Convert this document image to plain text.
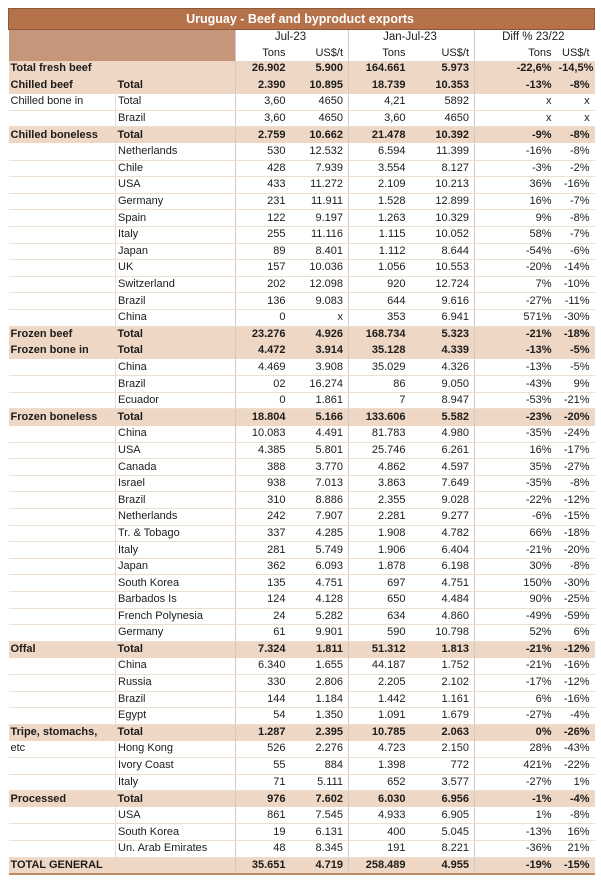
Uruguay - Beef and byproduct exports							
		Jul-23		Jan-Jul-23		Diff % 23/22	
		Tons	US$/t	Tons	US$/t	Tons	US$/t
Total fresh beef		26.902	5.900	164.661	5.973	-22,6%	-14,5%
Chilled beef	Total	2.390	10.895	18.739	10.353	-13%	-8%
Chilled bone in	Total	3,60	4650	4,21	5892	x	x
	Brazil	3,60	4650	3,60	4650	x	x
Chilled boneless	Total	2.759	10.662	21.478	10.392	-9%	-8%
	Netherlands	530	12.532	6.594	11.399	-16%	-8%
	Chile	428	7.939	3.554	8.127	-3%	-2%
	USA	433	11.272	2.109	10.213	36%	-16%
	Germany	231	11.911	1.528	12.899	16%	-7%
	Spain	122	9.197	1.263	10.329	9%	-8%
	Italy	255	11.116	1.115	10.052	58%	-7%
	Japan	89	8.401	1.112	8.644	-54%	-6%
	UK	157	10.036	1.056	10.553	-20%	-14%
	Switzerland	202	12.098	920	12.724	7%	-10%
	Brazil	136	9.083	644	9.616	-27%	-11%
	China	0	x	353	6.941	571%	-30%
Frozen beef	Total	23.276	4.926	168.734	5.323	-21%	-18%
Frozen bone in	Total	4.472	3.914	35.128	4.339	-13%	-5%
	China	4.469	3.908	35.029	4.326	-13%	-5%
	Brazil	02	16.274	86	9.050	-43%	9%
	Ecuador	0	1.861	7	8.947	-53%	-21%
Frozen boneless	Total	18.804	5.166	133.606	5.582	-23%	-20%
	China	10.083	4.491	81.783	4.980	-35%	-24%
	USA	4.385	5.801	25.746	6.261	16%	-17%
	Canada	388	3.770	4.862	4.597	35%	-27%
	Israel	938	7.013	3.863	7.649	-35%	-8%
	Brazil	310	8.886	2.355	9.028	-22%	-12%
	Netherlands	242	7.907	2.281	9.277	-6%	-15%
	Tr. & Tobago	337	4.285	1.908	4.782	66%	-18%
	Italy	281	5.749	1.906	6.404	-21%	-20%
	Japan	362	6.093	1.878	6.198	30%	-8%
	South Korea	135	4.751	697	4.751	150%	-30%
	Barbados Is	124	4.128	650	4.484	90%	-25%
	French Polynesia	24	5.282	634	4.860	-49%	-59%
	Germany	61	9.901	590	10.798	52%	6%
Offal	Total	7.324	1.811	51.312	1.813	-21%	-12%
	China	6.340	1.655	44.187	1.752	-21%	-16%
	Russia	330	2.806	2.205	2.102	-17%	-12%
	Brazil	144	1.184	1.442	1.161	6%	-16%
	Egypt	54	1.350	1.091	1.679	-27%	-4%
Tripe, stomachs,	Total	1.287	2.395	10.785	2.063	0%	-26%
etc	Hong Kong	526	2.276	4.723	2.150	28%	-43%
	Ivory Coast	55	884	1.398	772	421%	-22%
	Italy	71	5.111	652	3.577	-27%	1%
Processed	Total	976	7.602	6.030	6.956	-1%	-4%
	USA	861	7.545	4.933	6.905	1%	-8%
	South Korea	19	6.131	400	5.045	-13%	16%
	Un. Arab Emirates	48	8.345	191	8.221	-36%	21%
TOTAL GENERAL		35.651	4.719	258.489	4.955	-19%	-15%
